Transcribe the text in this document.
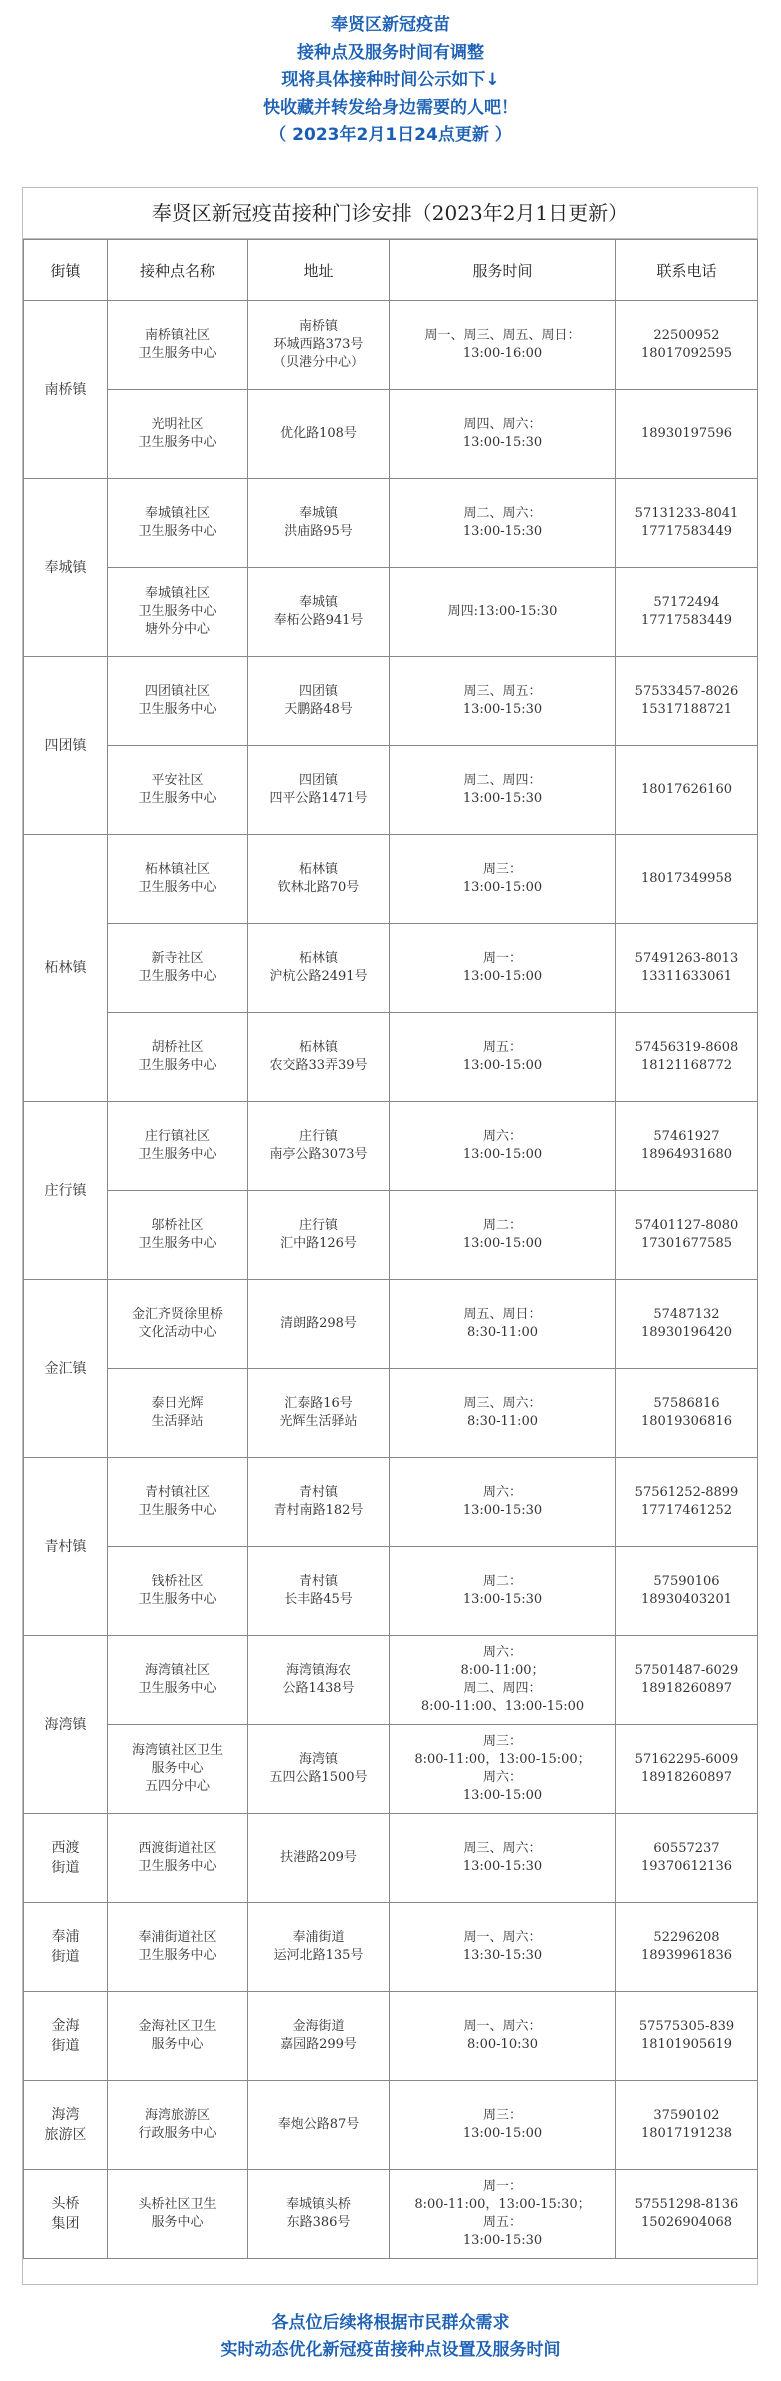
奉贤区新冠疫苗
接种点及服务时间有调整
现将具体接种时间公示如下↓
快收藏并转发给身边需要的人吧！
（ 2023年2月1日24点更新 ）
奉贤区新冠疫苗接种门诊安排（2023年2月1日更新）
街镇	接种点名称	地址	服务时间	联系电话
南桥镇	南桥镇社区
卫生服务中心	南桥镇
环城西路373号
（贝港分中心）	周一、周三、周五、周日：
13:00-16:00	22500952
18017092595
	光明社区
卫生服务中心	优化路108号	周四、周六：
13:00-15:30	18930197596
奉城镇	奉城镇社区
卫生服务中心	奉城镇
洪庙路95号	周二、周六：
13:00-15:30	57131233-8041
17717583449
	奉城镇社区
卫生服务中心
塘外分中心	奉城镇
奉柘公路941号	周四:13:00-15:30	57172494
17717583449
四团镇	四团镇社区
卫生服务中心	四团镇
天鹏路48号	周三、周五：
13:00-15:30	57533457-8026
15317188721
	平安社区
卫生服务中心	四团镇
四平公路1471号	周二、周四：
13:00-15:30	18017626160
柘林镇	柘林镇社区
卫生服务中心	柘林镇
钦林北路70号	周三：
13:00-15:00	18017349958
	新寺社区
卫生服务中心	柘林镇
沪杭公路2491号	周一：
13:00-15:00	57491263-8013
13311633061
	胡桥社区
卫生服务中心	柘林镇
农交路33弄39号	周五：
13:00-15:00	57456319-8608
18121168772
庄行镇	庄行镇社区
卫生服务中心	庄行镇
南亭公路3073号	周六：
13:00-15:00	57461927
18964931680
	邬桥社区
卫生服务中心	庄行镇
汇中路126号	周二：
13:00-15:00	57401127-8080
17301677585
金汇镇	金汇齐贤徐里桥
文化活动中心	清朗路298号	周五、周日：
8:30-11:00	57487132
18930196420
	泰日光辉
生活驿站	汇泰路16号
光辉生活驿站	周三、周六：
8:30-11:00	57586816
18019306816
青村镇	青村镇社区
卫生服务中心	青村镇
青村南路182号	周六：
13:00-15:30	57561252-8899
17717461252
	钱桥社区
卫生服务中心	青村镇
长丰路45号	周二：
13:00-15:30	57590106
18930403201
海湾镇	海湾镇社区
卫生服务中心	海湾镇海农
公路1438号	周六：
8:00-11:00；
周二、周四：
8:00-11:00、13:00-15:00	57501487-6029
18918260897
	海湾镇社区卫生
服务中心
五四分中心	海湾镇
五四公路1500号	周三：
8:00-11:00，13:00-15:00；
周六：
13:00-15:00	57162295-6009
18918260897
西渡
街道	西渡街道社区
卫生服务中心	扶港路209号	周三、周六：
13:00-15:30	60557237
19370612136
奉浦
街道	奉浦街道社区
卫生服务中心	奉浦街道
运河北路135号	周一、周六：
13:30-15:30	52296208
18939961836
金海
街道	金海社区卫生
服务中心	金海街道
嘉园路299号	周一、周六：
8:00-10:30	57575305-839
18101905619
海湾
旅游区	海湾旅游区
行政服务中心	奉炮公路87号	周三：
13:00-15:00	37590102
18017191238
头桥
集团	头桥社区卫生
服务中心	奉城镇头桥
东路386号	周一：
8:00-11:00，13:00-15:30；
周五：
13:00-15:30	57551298-8136
15026904068
各点位后续将根据市民群众需求
实时动态优化新冠疫苗接种点设置及服务时间
